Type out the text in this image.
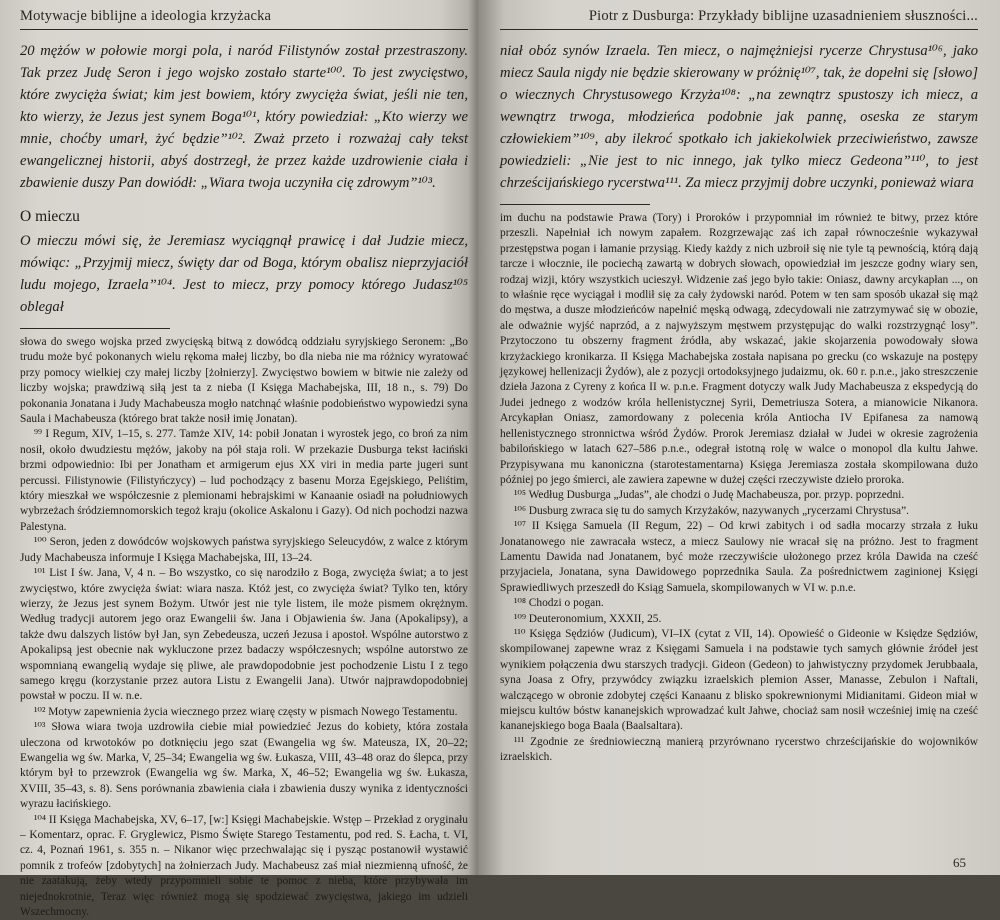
Motywacje biblijne a ideologia krzyżacka

20 mężów w połowie morgi pola, i naród Filistynów został przestraszony. Tak przez Judę Seron i jego wojsko zostało starte¹⁰⁰. To jest zwycięstwo, które zwycięża świat; kim jest bowiem, który zwycięża świat, jeśli nie ten, kto wierzy, że Jezus jest synem Boga¹⁰¹, który powiedział: „Kto wierzy we mnie, choćby umarł, żyć będzie”¹⁰². Zważ przeto i rozważaj cały tekst ewangelicznej historii, abyś dostrzegł, że przez każde uzdrowienie ciała i zbawienie duszy Pan dowiódł: „Wiara twoja uczyniła cię zdrowym”¹⁰³.

O mieczu

O mieczu mówi się, że Jeremiasz wyciągnął prawicę i dał Judzie miecz, mówiąc: „Przyjmij miecz, święty dar od Boga, którym obalisz nieprzyjaciół ludu mojego, Izraela”¹⁰⁴. Jest to miecz, przy pomocy którego Judasz¹⁰⁵ oblegał

słowa do swego wojska przed zwycięską bitwą z dowódcą oddziału syryjskiego Seronem: „Bo trudu może być pokonanych wielu rękoma małej liczby, bo dla nieba nie ma różnicy wyratować przy pomocy wielkiej czy małej liczby [żołnierzy]. Zwycięstwo bowiem w bitwie nie zależy od liczby wojska; prawdziwą siłą jest ta z nieba (I Księga Machabejska, III, 18 n., s. 79) Do pokonania Jonatana i Judy Machabeusza mogło natchnąć właśnie podobieństwo wypowiedzi syna Saula i Machabeusza (którego brat także nosił imię Jonatan).

⁹⁹ I Regum, XIV, 1–15, s. 277. Tamże XIV, 14: pobił Jonatan i wyrostek jego, co broń za nim nosił, około dwudziestu mężów, jakoby na pół staja roli. W przekazie Dusburga tekst łaciński brzmi odpowiednio: Ibi per Jonatham et armigerum ejus XX viri in media parte jugeri sunt percussi. Filistynowie (Filistyńczycy) – lud pochodzący z basenu Morza Egejskiego, Peliśtim, który mieszkał we współczesnie z plemionami hebrajskimi w Kanaanie osiadł na południowych wybrzeżach śródziemnomorskich tegoż kraju (okolice Askalonu i Gazy). Od nich pochodzi nazwa Palestyna.

¹⁰⁰ Seron, jeden z dowódców wojskowych państwa syryjskiego Seleucydów, z walce z którym Judy Machabeusza informuje I Księga Machabejska, III, 13–24.

¹⁰¹ List I św. Jana, V, 4 n. – Bo wszystko, co się narodziło z Boga, zwycięża świat; a to jest zwycięstwo, które zwycięża świat: wiara nasza. Któż jest, co zwycięża świat? Tylko ten, który wierzy, że Jezus jest synem Bożym. Utwór jest nie tyle listem, ile może pismem okrężnym. Według tradycji autorem jego oraz Ewangelii św. Jana i Objawienia św. Jana (Apokalipsy), a także dwu dalszych listów był Jan, syn Zebedeusza, uczeń Jezusa i apostoł. Wspólne autorstwo z Apokalipsą jest obecnie nak wykluczone przez badaczy współczesnych; wspólne autorstwo ze wspomnianą ewangelią wydaje się pliwe, ale prawdopodobnie jest pochodzenie Listu I z tego samego kręgu (korzystanie przez autora Listu z Ewangelii Jana). Utwór najprawdopodobniej powstał w poczu. II w. n.e.

¹⁰² Motyw zapewnienia życia wiecznego przez wiarę częsty w pismach Nowego Testamentu.

¹⁰³ Słowa wiara twoja uzdrowiła ciebie miał powiedzieć Jezus do kobiety, która została uleczona od krwotoków po dotknięciu jego szat (Ewangelia wg św. Mateusza, IX, 20–22; Ewangelia wg św. Marka, V, 25–34; Ewangelia wg św. Łukasza, VIII, 43–48 oraz do ślepca, przy którym był to przewzrok (Ewangelia wg św. Marka, X, 46–52; Ewangelia wg św. Łukasza, XVIII, 35–43, s. 8). Sens porównania zbawienia ciała i zbawienia duszy wynika z identyczności wyrazu łacińskiego.

¹⁰⁴ II Księga Machabejska, XV, 6–17, [w:] Księgi Machabejskie. Wstęp – Przekład z oryginału – Komentarz, oprac. F. Gryglewicz, Pismo Święte Starego Testamentu, pod red. S. Łacha, t. VI, cz. 4, Poznań 1961, s. 355 n. – Nikanor więc przechwalając się i pysząc postanowił wystawić pomnik z trofeów [zdobytych] na żołnierzach Judy. Machabeusz zaś miał niezmienną ufność, że nie zaatakują, żeby wtedy przypomnieli sobie te pomoc z nieba, które przybywała im niejednokrotnie, Teraz więc również mogą się spodziewać zwycięstwa, jakiego im udzieli Wszechmocny.

Piotr z Dusburga: Przykłady biblijne uzasadnieniem słuszności...

niał obóz synów Izraela. Ten miecz, o najmężniejsi rycerze Chrystusa¹⁰⁶, jako miecz Saula nigdy nie będzie skierowany w próżnię¹⁰⁷, tak, że dopełni się [słowo] o wiecznych Chrystusowego Krzyża¹⁰⁸: „na zewnątrz spustoszy ich miecz, a wewnątrz trwoga, młodzieńca podobnie jak pannę, oseska ze starym człowiekiem”¹⁰⁹, aby ilekroć spotkało ich jakiekolwiek przeciwieństwo, zawsze powiedzieli: „Nie jest to nic innego, jak tylko miecz Gedeona”¹¹⁰, to jest chrześcijańskiego rycerstwa¹¹¹. Za miecz przyjmij dobre uczynki, ponieważ wiara

im duchu na podstawie Prawa (Tory) i Proroków i przypomniał im również te bitwy, przez które przeszli. Napełniał ich nowym zapałem. Rozgrzewając zaś ich zapał równocześnie wykazywał przestępstwa pogan i łamanie przysiąg. Kiedy każdy z nich uzbroił się nie tyle tą pewnością, którą dają tarcze i włocznie, ile pociechą zawartą w dobrych słowach, opowiedział im jeszcze godny wiary sen, rodzaj wizji, który wszystkich ucieszył. Widzenie zaś jego było takie: Oniasz, dawny arcykapłan ..., on to właśnie ręce wyciągał i modlił się za cały żydowski naród. Potem w ten sam sposób ukazał się mąż do męstwa, a dusze młodzieńców napełnić męską odwagą, zdecydowali nie zatrzymywać się w obozie, ale odważnie wyjść naprzód, a z najwyższym męstwem przystępując do walki rozstrzygnąć losy”. Przytoczono tu obszerny fragment źródła, aby wskazać, jakie skojarzenia powodowały słowa krzyżackiego kronikarza. II Księga Machabejska została napisana po grecku (co wskazuje na postępy językowej hellenizacji Żydów), ale z pozycji ortodoksyjnego judaizmu, ok. 60 r. p.n.e., jako streszczenie dzieła Jazona z Cyreny z końca II w. p.n.e. Fragment dotyczy walk Judy Machabeusza z ekspedycją do Judei jednego z wodzów króla hellenistycznej Syrii, Demetriusza Sotera, a mianowicie Nikanora. Arcykapłan Oniasz, zamordowany z polecenia króla Antiocha IV Epifanesa za namową hellenistycznego stronnictwa wśród Żydów. Prorok Jeremiasz działał w Judei w okresie zagrożenia babilońskiego w latach 627–586 p.n.e., odegrał istotną rolę w walce o monopol dla kultu Jahwe. Przypisywana mu kanoniczna (starotestamentarna) Księga Jeremiasza została skompilowana dużo później po jego śmierci, ale zawiera zapewne w dużej części rzeczywiste dzieło proroka.

¹⁰⁵ Według Dusburga „Judas”, ale chodzi o Judę Machabeusza, por. przyp. poprzedni.

¹⁰⁶ Dusburg zwraca się tu do samych Krzyżaków, nazywanych „rycerzami Chrystusa”.

¹⁰⁷ II Księga Samuela (II Regum, 22) – Od krwi zabitych i od sadła mocarzy strzała z łuku Jonatanowego nie zawracała wstecz, a miecz Saulowy nie wracał się na próżno. Jest to fragment Lamentu Dawida nad Jonatanem, być może rzeczywiście ułożonego przez króla Dawida na cześć przyjaciela, Jonatana, syna Dawidowego poprzednika Saula. Za pośrednictwem zaginionej Księgi Sprawiedliwych przeszedł do Ksiąg Samuela, skompilowanych w VI w. p.n.e.

¹⁰⁸ Chodzi o pogan.

¹⁰⁹ Deuteronomium, XXXII, 25.

¹¹⁰ Księga Sędziów (Judicum), VI–IX (cytat z VII, 14). Opowieść o Gideonie w Księdze Sędziów, skompilowanej zapewne wraz z Księgami Samuela i na podstawie tych samych głównie źródeł jest wynikiem połączenia dwu starszych tradycji. Gideon (Gedeon) to jahwistyczny przydomek Jerubbaala, syna Joasa z Ofry, przywódcy związku izraelskich plemion Asser, Manasse, Zebulon i Naftali, walczącego w obronie zdobytej części Kanaanu z blisko spokrewnionymi Midianitami. Gideon miał w miejscu kultów bóstw kananejskich wprowadzać kult Jahwe, chociaż sam nosił wcześniej imię na cześć kananejskiego boga Baala (Baalsaltara).

¹¹¹ Zgodnie ze średniowieczną manierą przyrównano rycerstwo chrześcijańskie do wojowników izraelskich.

65
